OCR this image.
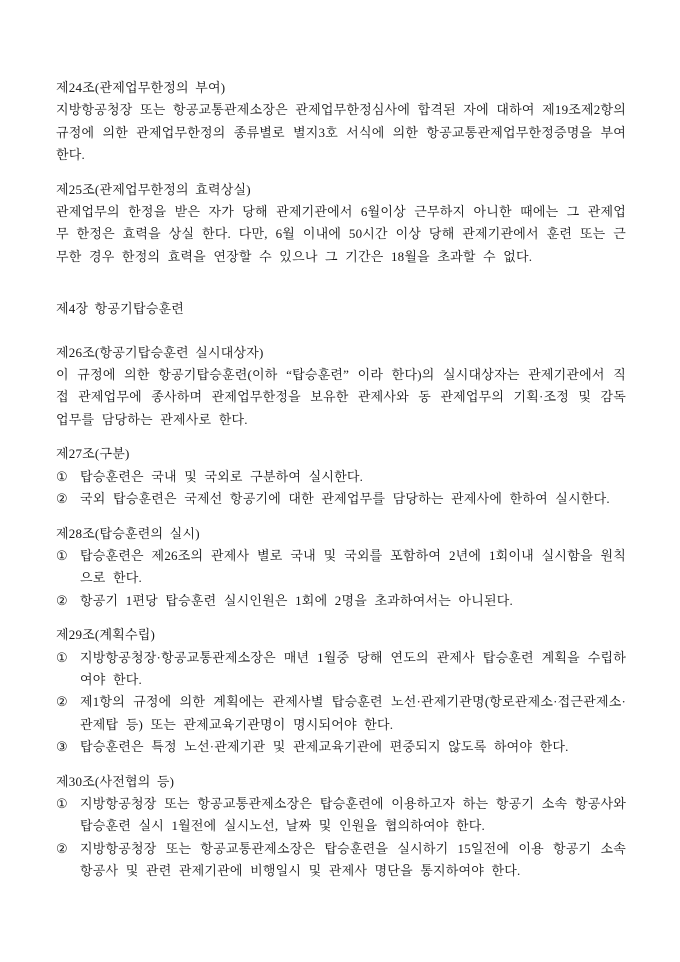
제24조(관제업무한정의 부여)

지방항공청장 또는 항공교통관제소장은 관제업무한정심사에 합격된 자에 대하여 제19조제2항의 규정에 의한 관제업무한정의 종류별로 별지3호 서식에 의한 항공교통관제업무한정증명을 부여한다.

제25조(관제업무한정의 효력상실)

관제업무의 한정을 받은 자가 당해 관제기관에서 6월이상 근무하지 아니한 때에는 그 관제업무 한정은 효력을 상실 한다. 다만, 6월 이내에 50시간 이상 당해 관제기관에서 훈련 또는 근무한 경우 한정의 효력을 연장할 수 있으나 그 기간은 18월을 초과할 수 없다.

제4장 항공기탑승훈련

제26조(항공기탑승훈련 실시대상자)

이 규정에 의한 항공기탑승훈련(이하 “탑승훈련” 이라 한다)의 실시대상자는 관제기관에서 직접 관제업무에 종사하며 관제업무한정을 보유한 관제사와 동 관제업무의 기획·조정 및 감독 업무를 담당하는 관제사로 한다.

제27조(구분)

① 탑승훈련은 국내 및 국외로 구분하여 실시한다.
② 국외 탑승훈련은 국제선 항공기에 대한 관제업무를 담당하는 관제사에 한하여 실시한다.

제28조(탑승훈련의 실시)

① 탑승훈련은 제26조의 관제사 별로 국내 및 국외를 포함하여 2년에 1회이내 실시함을 원칙으로 한다.
② 항공기 1편당 탑승훈련 실시인원은 1회에 2명을 초과하여서는 아니된다.

제29조(계획수립)

① 지방항공청장·항공교통관제소장은 매년 1월중 당해 연도의 관제사 탑승훈련 계획을 수립하여야 한다.
② 제1항의 규정에 의한 계획에는 관제사별 탑승훈련 노선·관제기관명(항로관제소·접근관제소·관제탑 등) 또는 관제교육기관명이 명시되어야 한다.
③ 탑승훈련은 특정 노선·관제기관 및 관제교육기관에 편중되지 않도록 하여야 한다.

제30조(사전협의 등)

① 지방항공청장 또는 항공교통관제소장은 탑승훈련에 이용하고자 하는 항공기 소속 항공사와 탑승훈련 실시 1월전에 실시노선, 날짜 및 인원을 협의하여야 한다.
② 지방항공청장 또는 항공교통관제소장은 탑승훈련을 실시하기 15일전에 이용 항공기 소속 항공사 및 관련 관제기관에 비행일시 및 관제사 명단을 통지하여야 한다.
